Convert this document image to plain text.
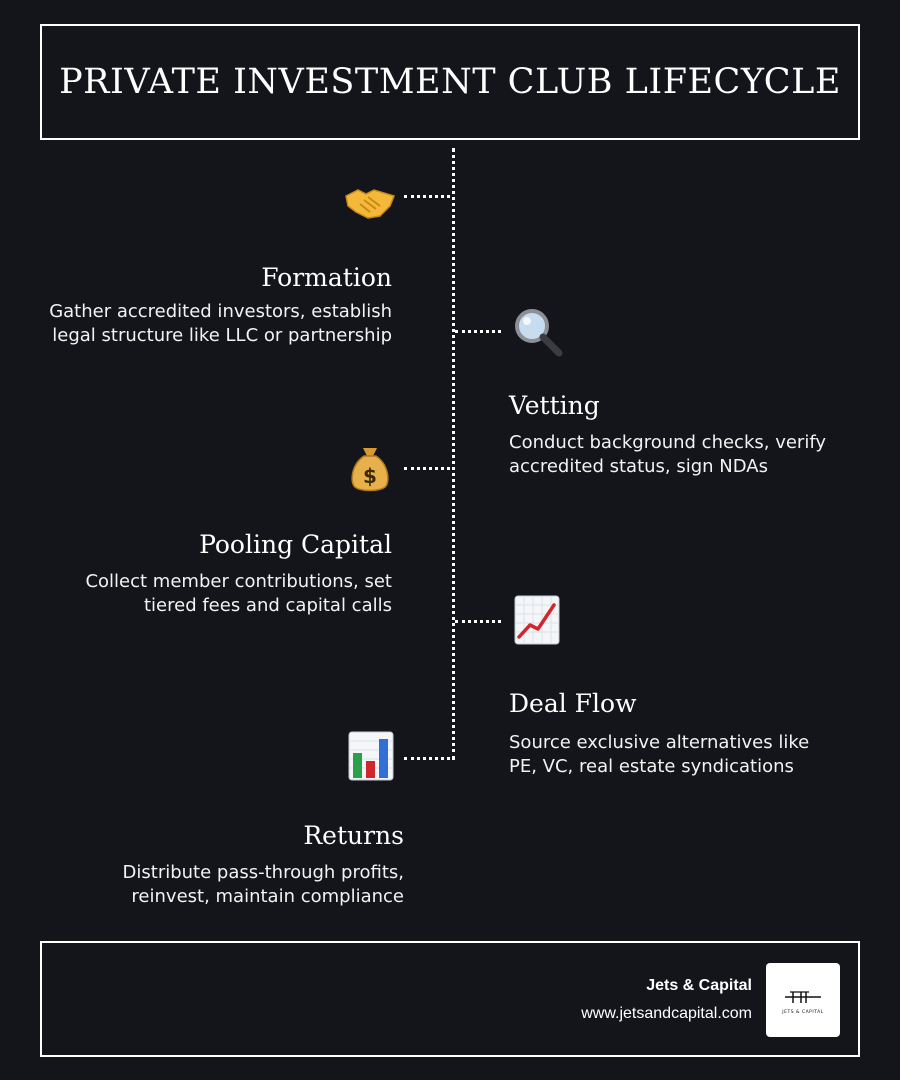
PRIVATE INVESTMENT CLUB LIFECYCLE
Formation
Gather accredited investors, establish
legal structure like LLC or partnership
Vetting
Conduct background checks, verify
accredited status, sign NDAs
$
Pooling Capital
Collect member contributions, set
tiered fees and capital calls
Deal Flow
Source exclusive alternatives like
PE, VC, real estate syndications
Returns
Distribute pass-through profits,
reinvest, maintain compliance
Jets & Capital
www.jetsandcapital.com	JETS & CAPITAL
